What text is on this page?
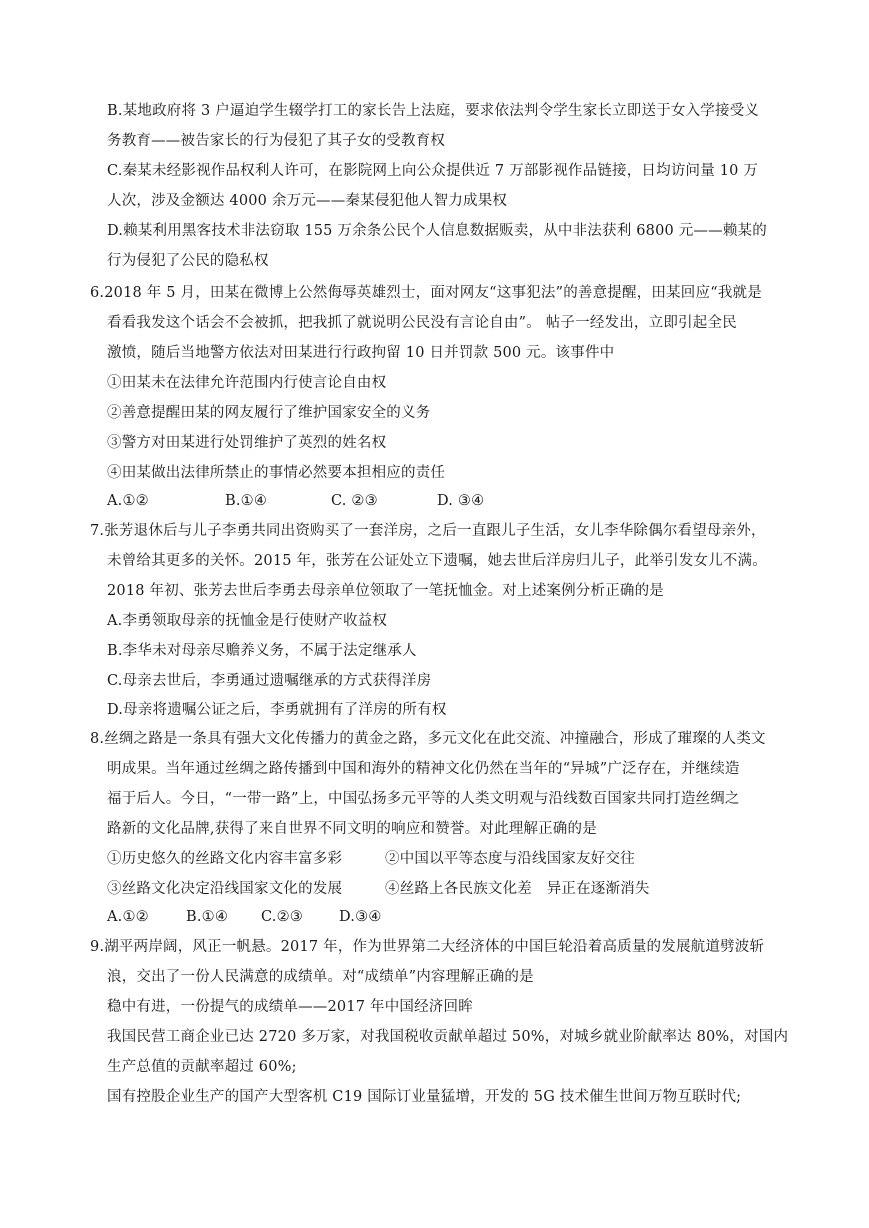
B.某地政府将 3 户逼迫学生辍学打工的家长告上法庭，要求依法判令学生家长立即送于女入学接受义
务教育——被告家长的行为侵犯了其子女的受教育权
C.秦某未经影视作品权利人许可，在影院网上向公众提供近 7 万部影视作品链接，日均访问量 10 万
人次，涉及金额达 4000 余万元——秦某侵犯他人智力成果权
D.赖某利用黑客技术非法窃取 155 万余条公民个人信息数据贩卖，从中非法获利 6800 元——赖某的
行为侵犯了公民的隐私权
6.2018 年 5 月，田某在微博上公然侮辱英雄烈士，面对网友“这事犯法”的善意提醒，田某回应“我就是
看看我发这个话会不会被抓，把我抓了就说明公民没有言论自由”。 帖子一经发出，立即引起全民
激愤，随后当地警方依法对田某进行行政拘留 10 日并罚款 500 元。该事件中
①田某未在法律允许范围内行使言论自由权
②善意提醒田某的网友履行了维护国家安全的义务
③警方对田某进行处罚维护了英烈的姓名权
④田某做出法律所禁止的事情必然要本担相应的责任
A.①②	B.①④	C. ②③	D. ③④
7.张芳退休后与儿子李勇共同出资购买了一套洋房，之后一直跟儿子生活，女儿李华除偶尔看望母亲外，
未曾给其更多的关怀。2015 年，张芳在公证处立下遗嘱，她去世后洋房归儿子，此举引发女儿不满。
2018 年初、张芳去世后李勇去母亲单位领取了一笔抚恤金。对上述案例分析正确的是
A.李勇领取母亲的抚恤金是行使财产收益权
B.李华未对母亲尽赡养义务，不属于法定继承人
C.母亲去世后，李勇通过遗嘱继承的方式获得洋房
D.母亲将遗嘱公证之后，李勇就拥有了洋房的所有权
8.丝绸之路是一条具有强大文化传播力的黄金之路，多元文化在此交流、冲撞融合，形成了璀璨的人类文
明成果。当年通过丝绸之路传播到中国和海外的精神文化仍然在当年的“异城”广泛存在，并继续造
福于后人。今日，“一带一路”上，中国弘扬多元平等的人类文明观与沿线数百国家共同打造丝绸之
路新的文化品牌,获得了来自世界不同文明的响应和赞誉。对此理解正确的是
①历史悠久的丝路文化内容丰富多彩	②中国以平等态度与沿线国家友好交往
③丝路文化决定沿线国家文化的发展	④丝路上各民族文化差　异正在逐渐消失
A.①②	B.①④ C.②③ D.③④
9.湖平两岸阔，风正一帆悬。2017 年，作为世界第二大经济体的中国巨轮沿着高质量的发展航道劈波斩
浪，交出了一份人民满意的成绩单。对“成绩单”内容理解正确的是
稳中有进，一份提气的成绩单——2017 年中国经济回眸
我国民营工商企业已达 2720 多万家，对我国税收贡献单超过 50%，对城乡就业阶献率达 80%，对国内
生产总值的贡献率超过 60%;
国有控股企业生产的国产大型客机 C19 国际订业量猛增，开发的 5G 技术催生世间万物互联时代;
